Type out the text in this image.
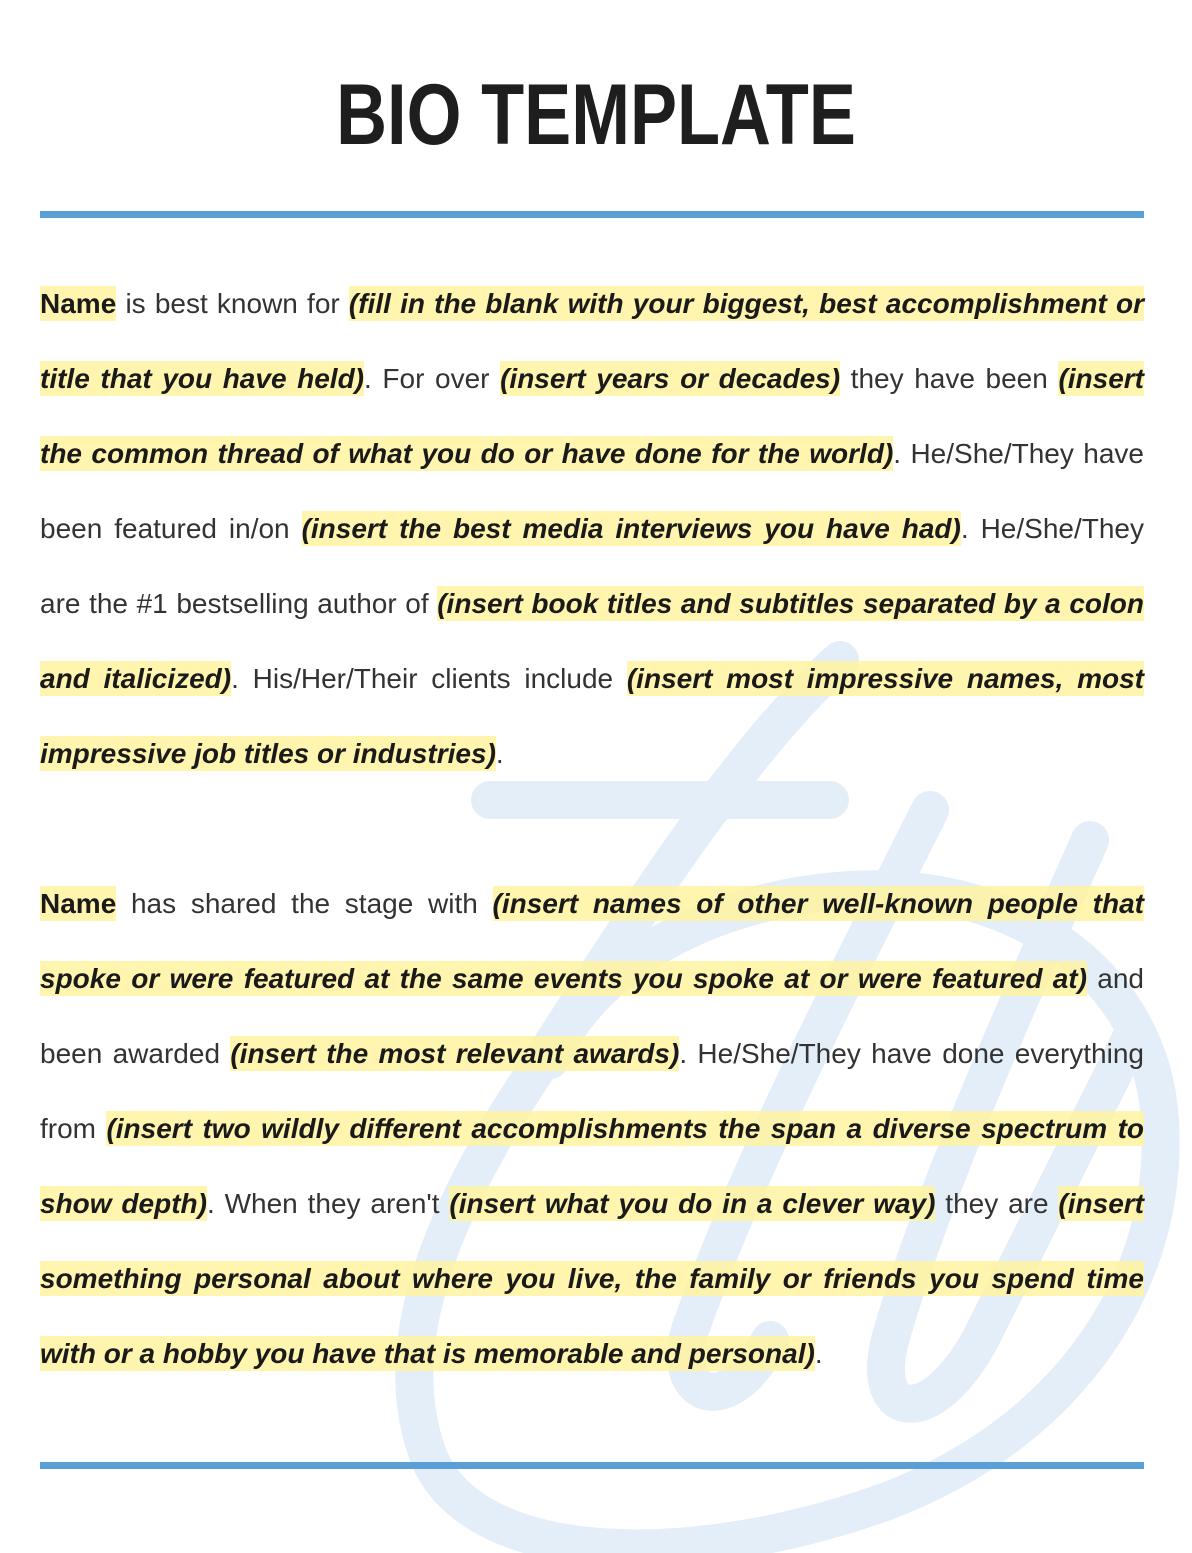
BIO TEMPLATE

Name is best known for (fill in the blank with your biggest, best accomplishment or title that you have held). For over (insert years or decades) they have been (insert the common thread of what you do or have done for the world). He/She/They have been featured in/on (insert the best media interviews you have had). He/She/They are the #1 bestselling author of (insert book titles and subtitles separated by a colon and italicized). His/Her/Their clients include (insert most impressive names, most impressive job titles or industries).

Name has shared the stage with (insert names of other well-known people that spoke or were featured at the same events you spoke at or were featured at) and been awarded (insert the most relevant awards). He/She/They have done everything from (insert two wildly different accomplishments the span a diverse spectrum to show depth). When they aren't (insert what you do in a clever way) they are (insert something personal about where you live, the family or friends you spend time with or a hobby you have that is memorable and personal).
